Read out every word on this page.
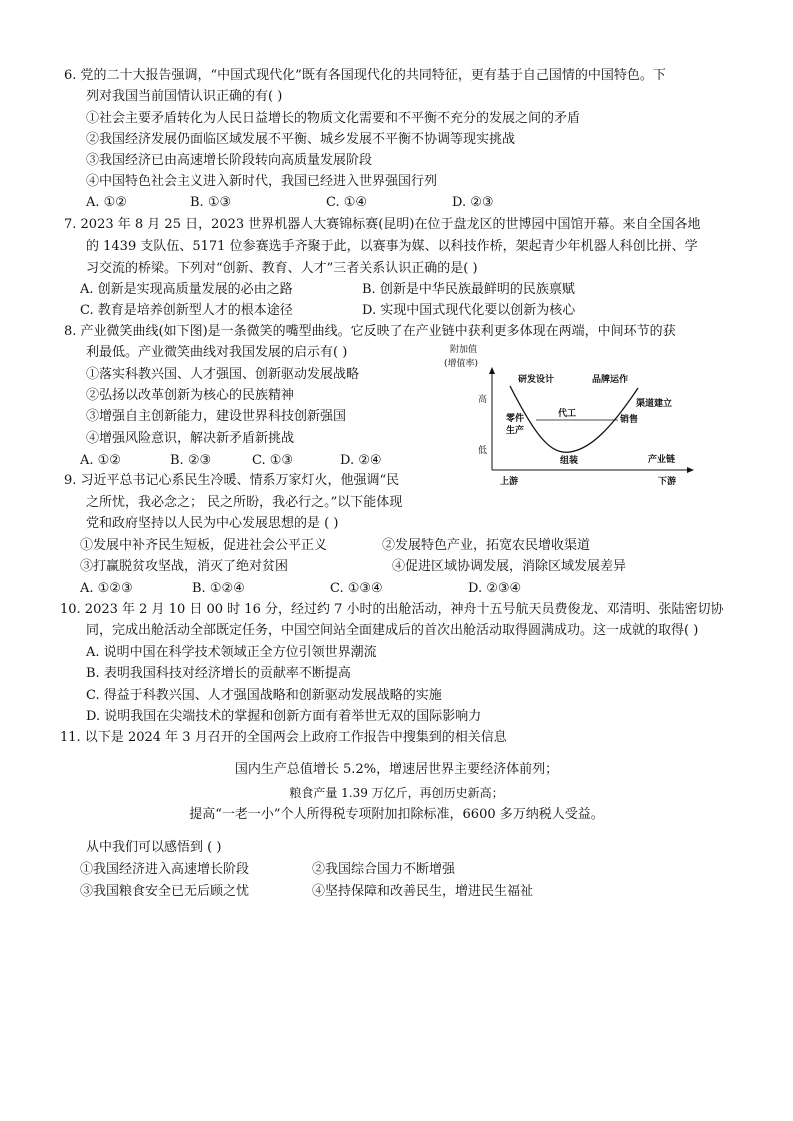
6. 党的二十大报告强调，“中国式现代化”既有各国现代化的共同特征，更有基于自己国情的中国特色。下
列对我国当前国情认识正确的有( )
①社会主要矛盾转化为人民日益增长的物质文化需要和不平衡不充分的发展之间的矛盾
②我国经济发展仍面临区域发展不平衡、城乡发展不平衡不协调等现实挑战
③我国经济已由高速增长阶段转向高质量发展阶段
④中国特色社会主义进入新时代，我国已经进入世界强国行列
A. ①②	B. ①③	C. ①④	D. ②③
7. 2023 年 8 月 25 日，2023 世界机器人大赛锦标赛(昆明)在位于盘龙区的世博园中国馆开幕。来自全国各地
的 1439 支队伍、5171 位参赛选手齐聚于此，以赛事为媒、以科技作桥，架起青少年机器人科创比拼、学
习交流的桥梁。下列对“创新、教育、人才”三者关系认识正确的是( )
A. 创新是实现高质量发展的必由之路	B. 创新是中华民族最鲜明的民族禀赋
C. 教育是培养创新型人才的根本途径	D. 实现中国式现代化要以创新为核心
8. 产业微笑曲线(如下图)是一条微笑的嘴型曲线。它反映了在产业链中获利更多体现在两端，中间环节的获
利最低。产业微笑曲线对我国发展的启示有( )
①落实科教兴国、人才强国、创新驱动发展战略
②弘扬以改革创新为核心的民族精神
③增强自主创新能力，建设世界科技创新强国
④增强风险意识，解决新矛盾新挑战
A. ①②	B. ②③	C. ①③	D. ②④
附加值
(增值率)
高
低
研发设计	品牌运作
零件
生产
代工
渠道建立
销售
组装	产业链
上游	下游
9. 习近平总书记心系民生冷暖、情系万家灯火，他强调“民
之所忧，我必念之； 民之所盼，我必行之。”以下能体现
党和政府坚持以人民为中心发展思想的是 ( )
①发展中补齐民生短板，促进社会公平正义	②发展特色产业，拓宽农民增收渠道
③打赢脱贫攻坚战，消灭了绝对贫困	④促进区域协调发展，消除区域发展差异
A. ①②③	B. ①②④	C. ①③④	D. ②③④
10. 2023 年 2 月 10 日 00 时 16 分，经过约 7 小时的出舱活动，神舟十五号航天员费俊龙、邓清明、张陆密切协
同，完成出舱活动全部既定任务，中国空间站全面建成后的首次出舱活动取得圆满成功。这一成就的取得( )
A. 说明中国在科学技术领域正全方位引领世界潮流
B. 表明我国科技对经济增长的贡献率不断提高
C. 得益于科教兴国、人才强国战略和创新驱动发展战略的实施
D. 说明我国在尖端技术的掌握和创新方面有着举世无双的国际影响力
11. 以下是 2024 年 3 月召开的全国两会上政府工作报告中搜集到的相关信息
国内生产总值增长 5.2%，增速居世界主要经济体前列；
粮食产量 1.39 万亿斤，再创历史新高；
提高“一老一小”个人所得税专项附加扣除标准，6600 多万纳税人受益。
从中我们可以感悟到 ( )
①我国经济进入高速增长阶段	②我国综合国力不断增强
③我国粮食安全已无后顾之忧	④坚持保障和改善民生，增进民生福祉
